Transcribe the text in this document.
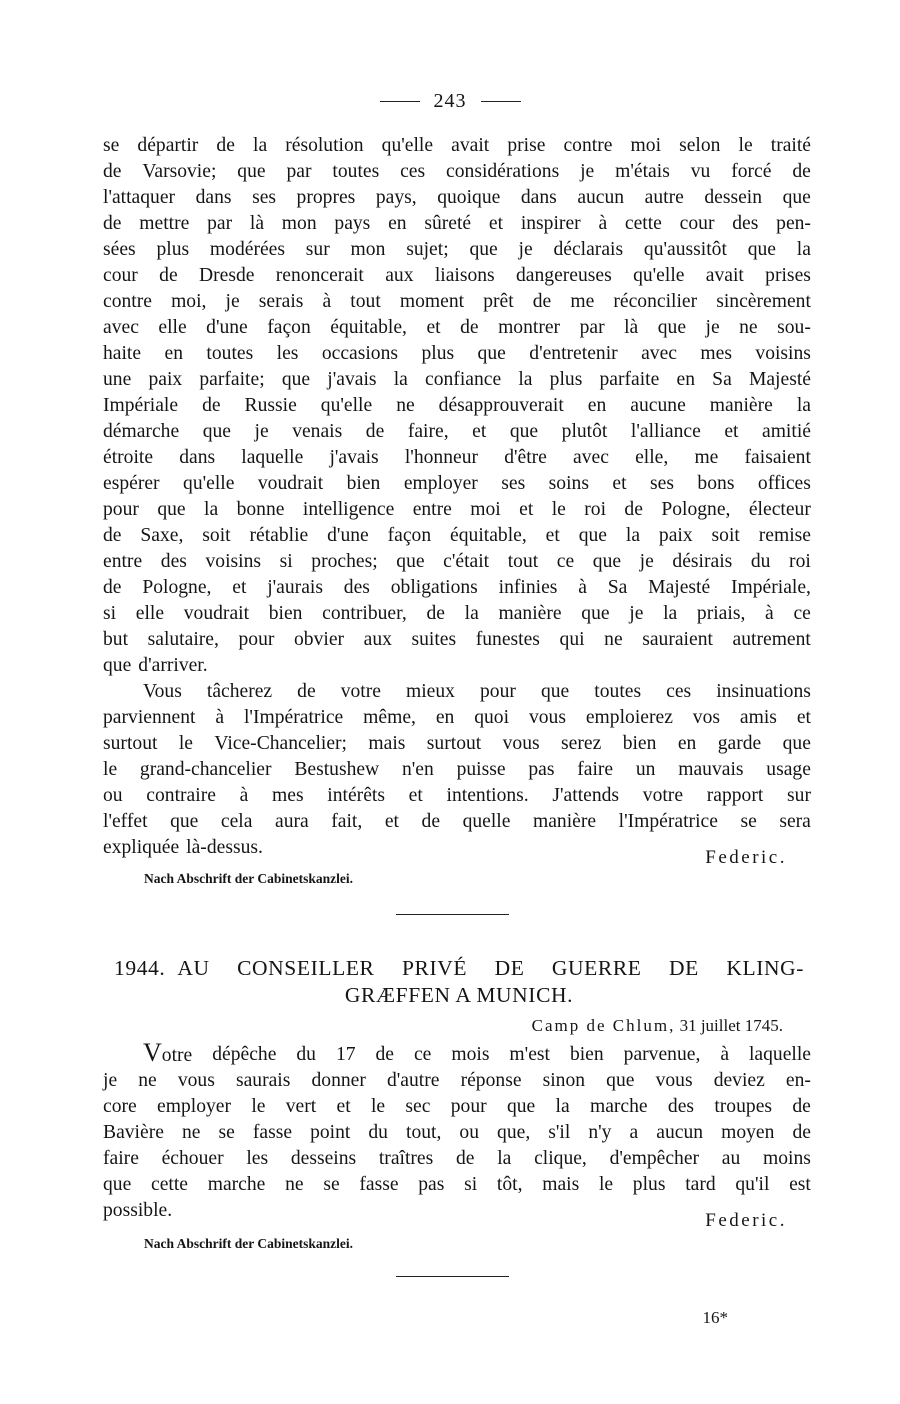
243
se départir de la résolution qu'elle avait prise contre moi selon le traité
de Varsovie; que par toutes ces considérations je m'étais vu forcé de
l'attaquer dans ses propres pays, quoique dans aucun autre dessein que
de mettre par là mon pays en sûreté et inspirer à cette cour des pen-
sées plus modérées sur mon sujet; que je déclarais qu'aussitôt que la
cour de Dresde renoncerait aux liaisons dangereuses qu'elle avait prises
contre moi, je serais à tout moment prêt de me réconcilier sincèrement
avec elle d'une façon équitable, et de montrer par là que je ne sou-
haite en toutes les occasions plus que d'entretenir avec mes voisins
une paix parfaite; que j'avais la confiance la plus parfaite en Sa Majesté
Impériale de Russie qu'elle ne désapprouverait en aucune manière la
démarche que je venais de faire, et que plutôt l'alliance et amitié
étroite dans laquelle j'avais l'honneur d'être avec elle, me faisaient
espérer qu'elle voudrait bien employer ses soins et ses bons offices
pour que la bonne intelligence entre moi et le roi de Pologne, électeur
de Saxe, soit rétablie d'une façon équitable, et que la paix soit remise
entre des voisins si proches; que c'était tout ce que je désirais du roi
de Pologne, et j'aurais des obligations infinies à Sa Majesté Impériale,
si elle voudrait bien contribuer, de la manière que je la priais, à ce
but salutaire, pour obvier aux suites funestes qui ne sauraient autrement
que d'arriver.
Vous tâcherez de votre mieux pour que toutes ces insinuations
parviennent à l'Impératrice même, en quoi vous emploierez vos amis et
surtout le Vice-Chancelier; mais surtout vous serez bien en garde que
le grand-chancelier Bestushew n'en puisse pas faire un mauvais usage
ou contraire à mes intérêts et intentions. J'attends votre rapport sur
l'effet que cela aura fait, et de quelle manière l'Impératrice se sera
expliquée là-dessus.	Federic.
Nach Abschrift der Cabinetskanzlei.
1944. AU CONSEILLER PRIVÉ DE GUERRE DE KLING-
GRÆFFEN A MUNICH.
Camp de Chlum, 31 juillet 1745.
Votre dépêche du 17 de ce mois m'est bien parvenue, à laquelle
je ne vous saurais donner d'autre réponse sinon que vous deviez en-
core employer le vert et le sec pour que la marche des troupes de
Bavière ne se fasse point du tout, ou que, s'il n'y a aucun moyen de
faire échouer les desseins traîtres de la clique, d'empêcher au moins
que cette marche ne se fasse pas si tôt, mais le plus tard qu'il est
possible.	Federic.
Nach Abschrift der Cabinetskanzlei.
16*
